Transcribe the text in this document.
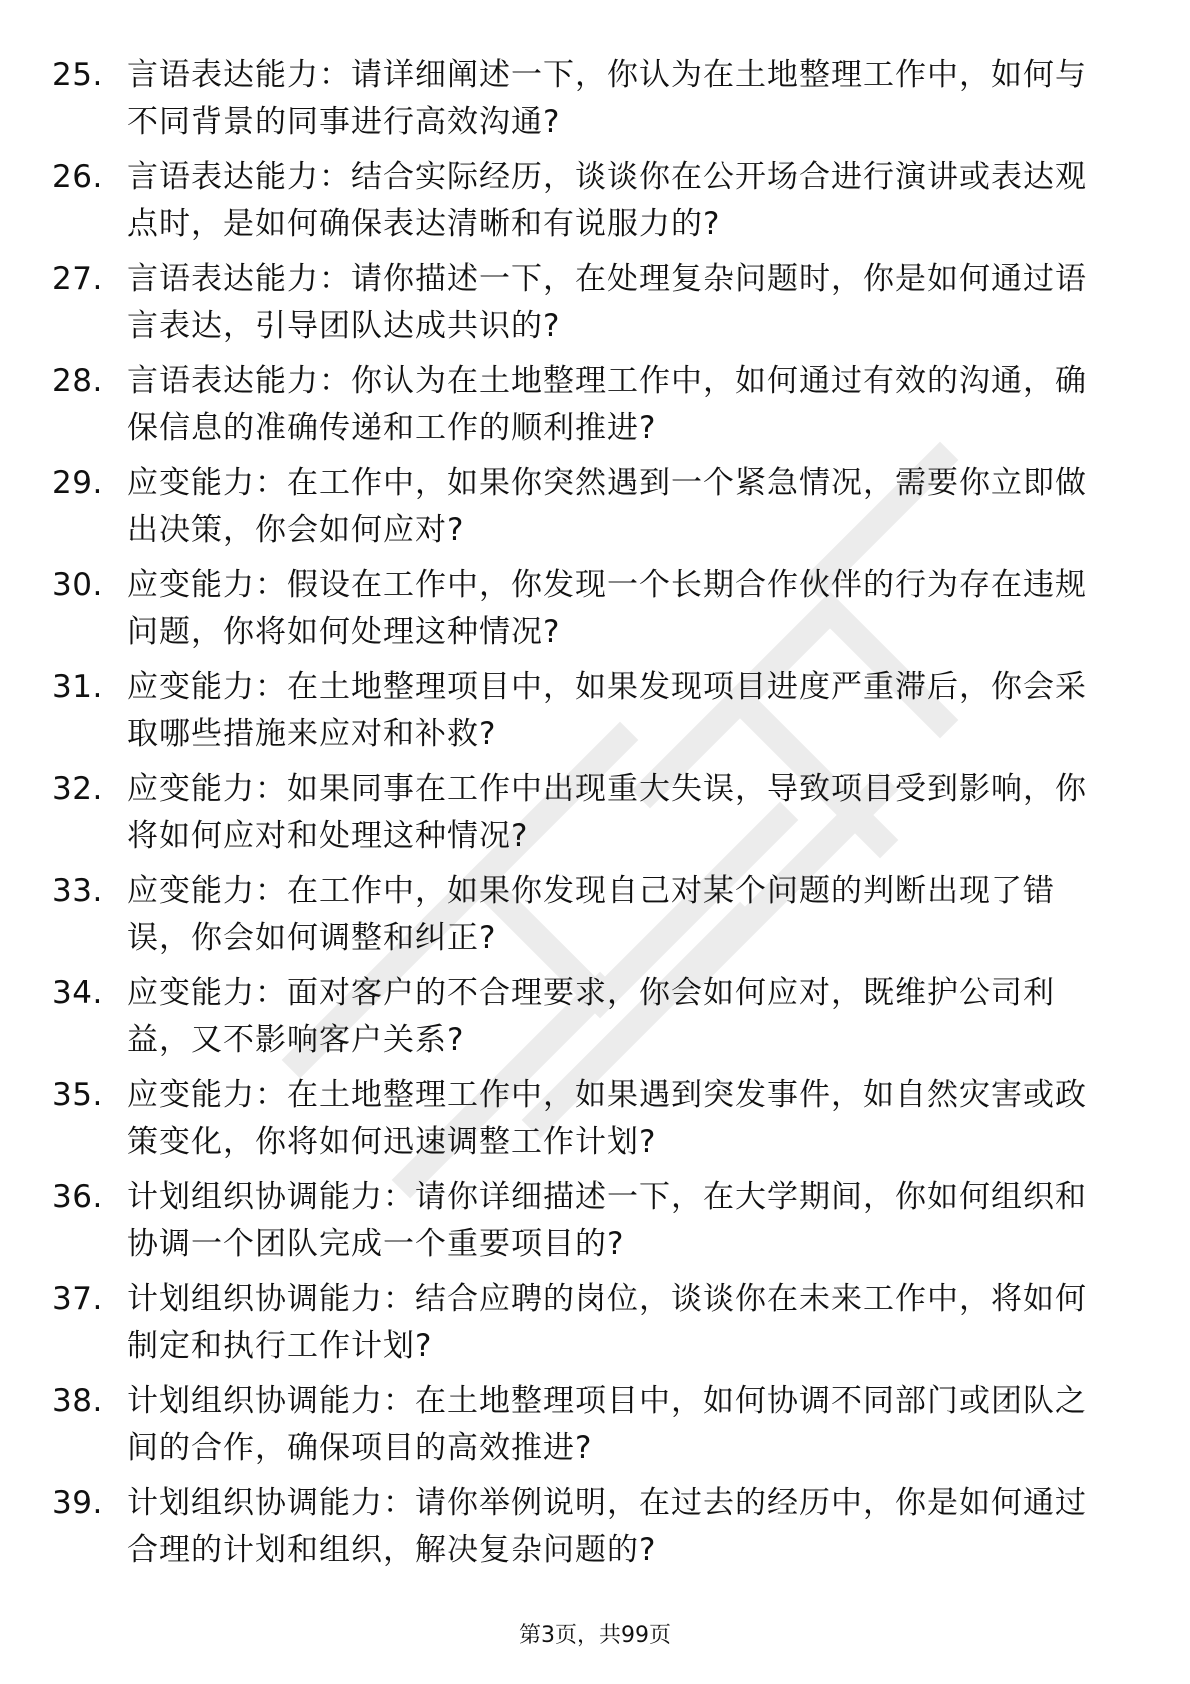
25. 言语表达能力：请详细阐述一下，你认为在土地整理工作中，如何与不同背景的同事进行高效沟通?
26. 言语表达能力：结合实际经历，谈谈你在公开场合进行演讲或表达观点时，是如何确保表达清晰和有说服力的?
27. 言语表达能力：请你描述一下，在处理复杂问题时，你是如何通过语言表达，引导团队达成共识的?
28. 言语表达能力：你认为在土地整理工作中，如何通过有效的沟通，确保信息的准确传递和工作的顺利推进?
29. 应变能力：在工作中，如果你突然遇到一个紧急情况，需要你立即做出决策，你会如何应对?
30. 应变能力：假设在工作中，你发现一个长期合作伙伴的行为存在违规问题，你将如何处理这种情况?
31. 应变能力：在土地整理项目中，如果发现项目进度严重滞后，你会采取哪些措施来应对和补救?
32. 应变能力：如果同事在工作中出现重大失误，导致项目受到影响，你将如何应对和处理这种情况?
33. 应变能力：在工作中，如果你发现自己对某个问题的判断出现了错误，你会如何调整和纠正?
34. 应变能力：面对客户的不合理要求，你会如何应对，既维护公司利益，又不影响客户关系?
35. 应变能力：在土地整理工作中，如果遇到突发事件，如自然灾害或政策变化，你将如何迅速调整工作计划?
36. 计划组织协调能力：请你详细描述一下，在大学期间，你如何组织和协调一个团队完成一个重要项目的?
37. 计划组织协调能力：结合应聘的岗位，谈谈你在未来工作中，将如何制定和执行工作计划?
38. 计划组织协调能力：在土地整理项目中，如何协调不同部门或团队之间的合作，确保项目的高效推进?
39. 计划组织协调能力：请你举例说明，在过去的经历中，你是如何通过合理的计划和组织，解决复杂问题的?
第3页，共99页
